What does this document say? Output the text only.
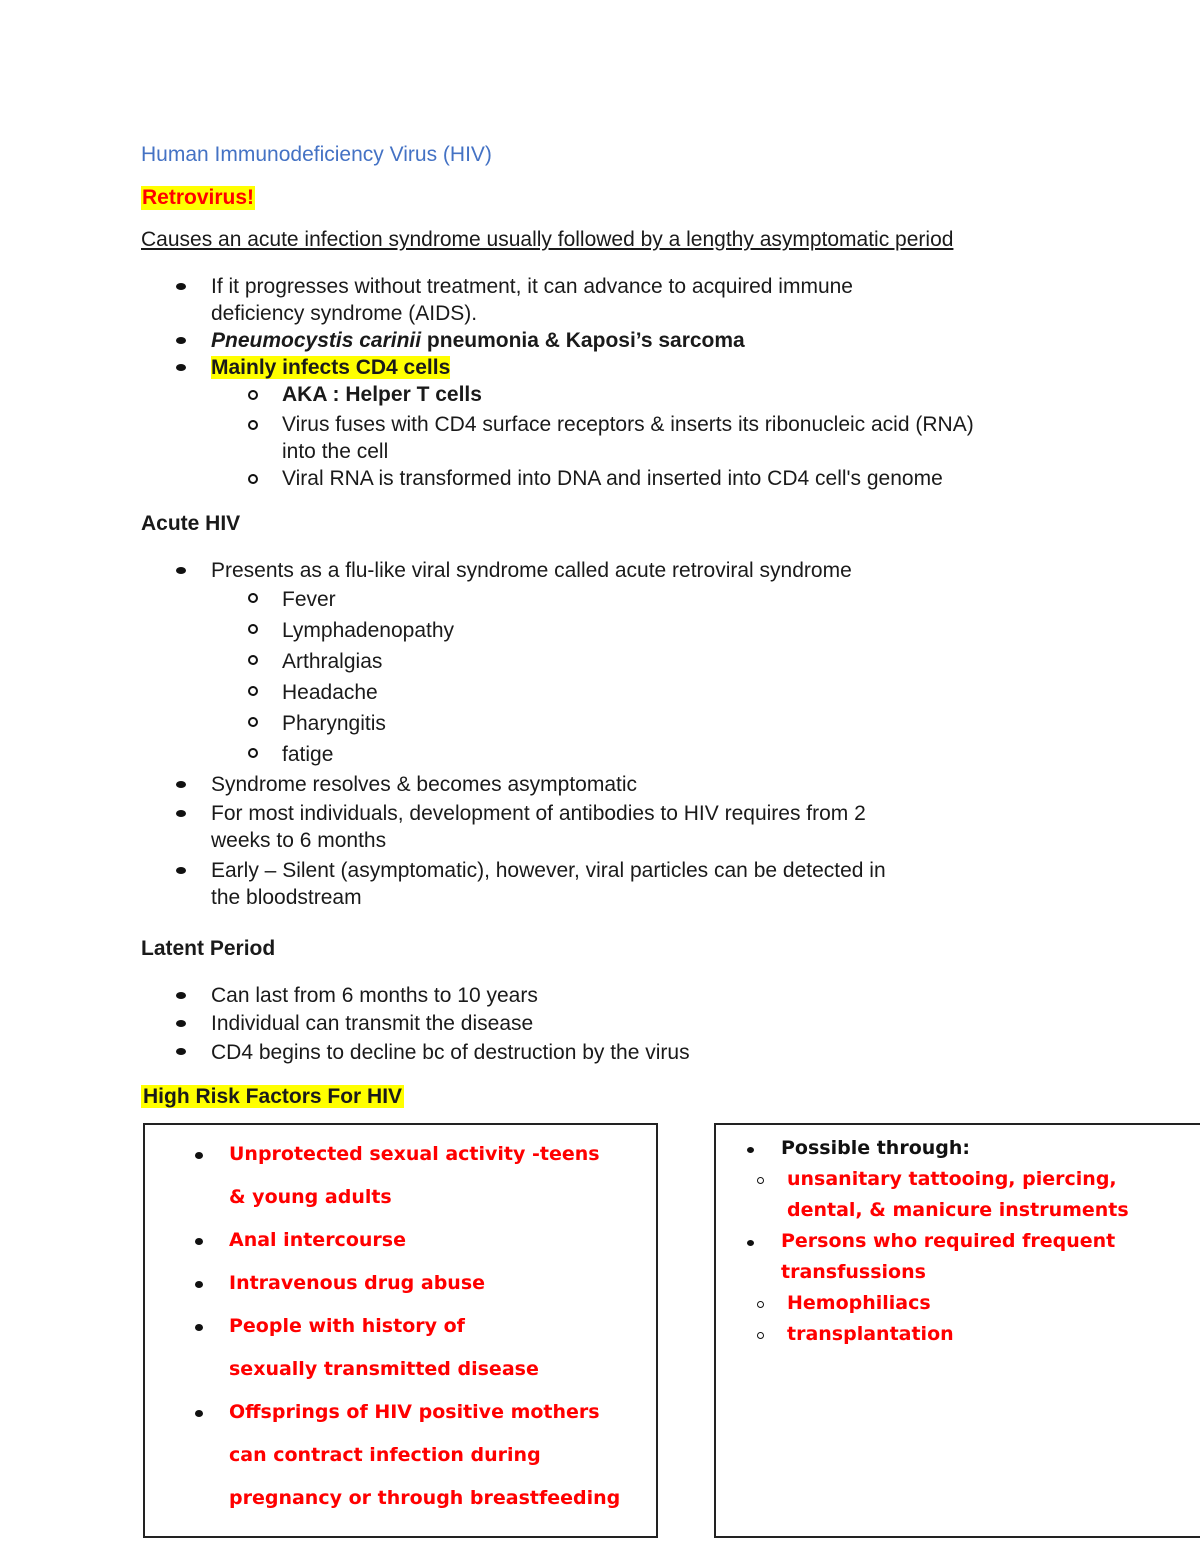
Human Immunodeficiency Virus (HIV)
Retrovirus!
Causes an acute infection syndrome usually followed by a lengthy asymptomatic period
If it progresses without treatment, it can advance to acquired immune deficiency syndrome (AIDS).
Pneumocystis carinii pneumonia & Kaposi’s sarcoma
Mainly infects CD4 cells
AKA : Helper T cells
Virus fuses with CD4 surface receptors & inserts its ribonucleic acid (RNA) into the cell
Viral RNA is transformed into DNA and inserted into CD4 cell's genome
Acute HIV
Presents as a flu-like viral syndrome called acute retroviral syndrome
Fever
Lymphadenopathy
Arthralgias
Headache
Pharyngitis
fatige
Syndrome resolves & becomes asymptomatic
For most individuals, development of antibodies to HIV requires from 2 weeks to 6 months
Early – Silent (asymptomatic), however, viral particles can be detected in the bloodstream
Latent Period
Can last from 6 months to 10 years
Individual can transmit the disease
CD4 begins to decline bc of destruction by the virus
High Risk Factors For HIV
Unprotected sexual activity -teens & young adults
Anal intercourse
Intravenous drug abuse
People with history of sexually transmitted disease
Offsprings of HIV positive mothers can contract infection during pregnancy or through breastfeeding
Possible through:
unsanitary tattooing, piercing, dental, & manicure instruments
Persons who required frequent transfussions
Hemophiliacs
transplantation
